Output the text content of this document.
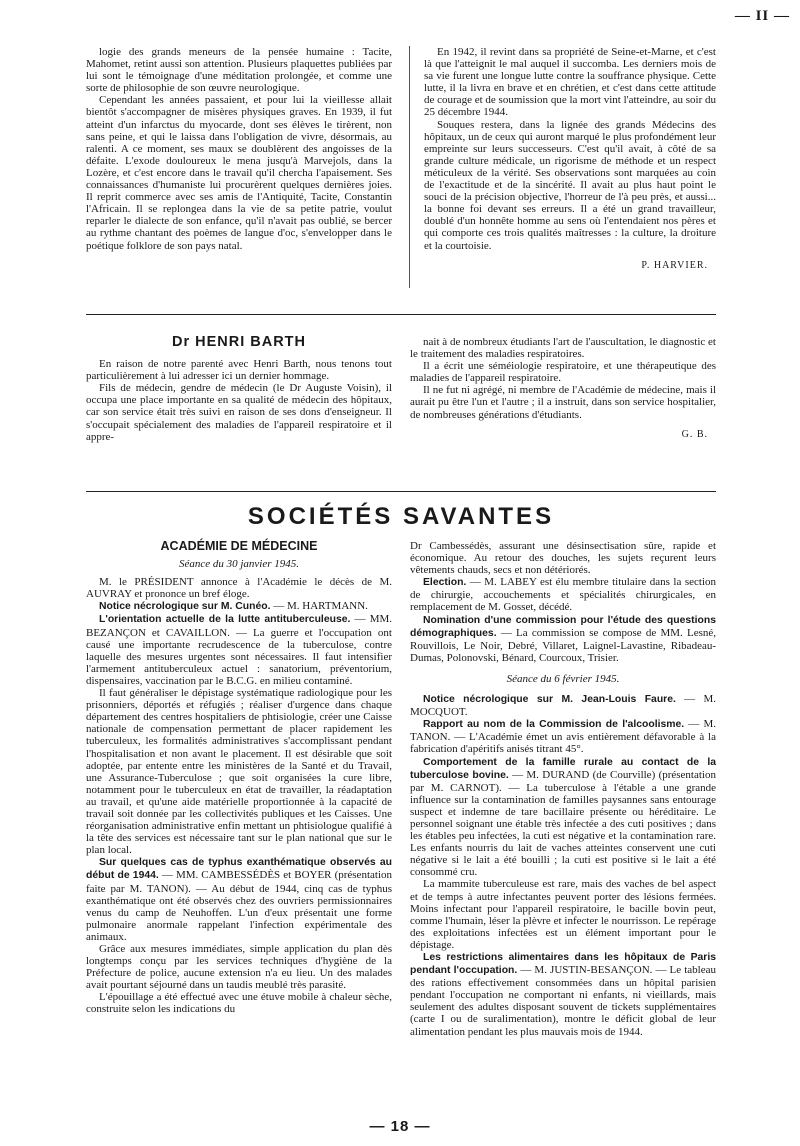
— II —

logie des grands meneurs de la pensée humaine : Tacite, Mahomet, retint aussi son attention. Plusieurs plaquettes publiées par lui sont le témoignage d'une méditation prolongée, et comme une sorte de philosophie de son œuvre neurologique.

Cependant les années passaient, et pour lui la vieillesse allait bientôt s'accompagner de misères physiques graves. En 1939, il fut atteint d'un infarctus du myocarde, dont ses élèves le tirèrent, non sans peine, et qui le laissa dans l'obligation de vivre, désormais, au ralenti. A ce moment, ses maux se doublèrent des angoisses de la défaite. L'exode douloureux le mena jusqu'à Marvejols, dans la Lozère, et c'est encore dans le travail qu'il chercha l'apaisement. Ses connaissances d'humaniste lui procurèrent quelques dernières joies. Il reprit commerce avec ses amis de l'Antiquité, Tacite, Constantin l'Africain. Il se replongea dans la vie de sa petite patrie, voulut reparler le dialecte de son enfance, qu'il n'avait pas oublié, se bercer au rythme chantant des poèmes de langue d'oc, s'envelopper dans le poétique folklore de son pays natal.

En 1942, il revint dans sa propriété de Seine-et-Marne, et c'est là que l'atteignit le mal auquel il succomba. Les derniers mois de sa vie furent une longue lutte contre la souffrance physique. Cette lutte, il la livra en brave et en chrétien, et c'est dans cette attitude de courage et de soumission que la mort vint l'atteindre, au soir du 25 décembre 1944.

Souques restera, dans la lignée des grands Médecins des hôpitaux, un de ceux qui auront marqué le plus profondément leur empreinte sur leurs successeurs. C'est qu'il avait, à côté de sa grande culture médicale, un rigorisme de méthode et un respect méticuleux de la vérité. Ses observations sont marquées au coin de l'exactitude et de la sincérité. Il avait au plus haut point le souci de la précision objective, l'horreur de l'à peu près, et aussi... la bonne foi devant ses erreurs. Il a été un grand travailleur, doublé d'un honnête homme au sens où l'entendaient nos pères et qui comporte ces trois qualités maîtresses : la culture, la droiture et la courtoisie.

P. HARVIER.
Dr HENRI BARTH

En raison de notre parenté avec Henri Barth, nous tenons tout particulièrement à lui adresser ici un dernier hommage.

Fils de médecin, gendre de médecin (le Dr Auguste Voisin), il occupa une place importante en sa qualité de médecin des hôpitaux, car son service était très suivi en raison de ses dons d'enseigneur. Il s'occupait spécialement des maladies de l'appareil respiratoire et il appre-

nait à de nombreux étudiants l'art de l'auscultation, le diagnostic et le traitement des maladies respiratoires.

Il a écrit une séméiologie respiratoire, et une thérapeutique des maladies de l'appareil respiratoire.

Il ne fut ni agrégé, ni membre de l'Académie de médecine, mais il aurait pu être l'un et l'autre ; il a instruit, dans son service hospitalier, de nombreuses générations d'étudiants.

G. B.
SOCIÉTÉS SAVANTES
ACADÉMIE DE MÉDECINE
Séance du 30 janvier 1945.

M. le PRÉSIDENT annonce à l'Académie le décès de M. AUVRAY et prononce un bref éloge.

Notice nécrologique sur M. Cunéo. — M. HARTMANN.

L'orientation actuelle de la lutte antituberculeuse. — MM. BEZANÇON et CAVAILLON. — La guerre et l'occupation ont causé une importante recrudescence de la tuberculose, contre laquelle des mesures urgentes sont nécessaires. Il faut intensifier l'armement antituberculeux actuel : sanatorium, préventorium, dispensaires, vaccination par le B.C.G. en milieu contaminé.

Il faut généraliser le dépistage systématique radiologique pour les prisonniers, déportés et réfugiés ; réaliser d'urgence dans chaque département des centres hospitaliers de phtisiologie, créer une Caisse nationale de compensation permettant de placer rapidement les tuberculeux, les formalités administratives s'accomplissant pendant l'hospitalisation et non avant le placement. Il est désirable que soit adoptée, par entente entre les ministères de la Santé et du Travail, une Assurance-Tuberculose ; que soit organisées la cure libre, notamment pour le tuberculeux en état de travailler, la réadaptation au travail, et qu'une aide matérielle proportionnée à la capacité de travail soit donnée par les collectivités publiques et les Caisses. Une réorganisation administrative enfin mettant un phtisiologue qualifié à la tête des services est nécessaire tant sur le plan national que sur le plan local.

Sur quelques cas de typhus exanthématique observés au début de 1944. — MM. CAMBESSÉDÈS et BOYER (présentation faite par M. TANON). — Au début de 1944, cinq cas de typhus exanthématique ont été observés chez des ouvriers permissionnaires venus du camp de Neuhoffen. L'un d'eux présentait une forme pulmonaire anormale rappelant l'infection expérimentale des animaux.

Grâce aux mesures immédiates, simple application du plan dès longtemps conçu par les services techniques d'hygiène de la Préfecture de police, aucune extension n'a eu lieu. Un des malades avait pourtant séjourné dans un taudis meublé très parasité.

L'épouillage a été effectué avec une étuve mobile à chaleur sèche, construite selon les indications du

Dr Cambessédès, assurant une désinsectisation sûre, rapide et économique. Au retour des douches, les sujets reçurent leurs vêtements chauds, secs et non détériorés.

Election. — M. LABEY est élu membre titulaire dans la section de chirurgie, accouchements et spécialités chirurgicales, en remplacement de M. Gosset, décédé.

Nomination d'une commission pour l'étude des questions démographiques. — La commission se compose de MM. Lesné, Rouvillois, Le Noir, Debré, Villaret, Laignel-Lavastine, Ribadeau-Dumas, Polonovski, Bénard, Courcoux, Trisier.

Séance du 6 février 1945.

Notice nécrologique sur M. Jean-Louis Faure. — M. MOCQUOT.

Rapport au nom de la Commission de l'alcoolisme. — M. TANON. — L'Académie émet un avis entièrement défavorable à la fabrication d'apéritifs anisés titrant 45°.

Comportement de la famille rurale au contact de la tuberculose bovine. — M. DURAND (de Courville) (présentation par M. CARNOT). — La tuberculose à l'étable a une grande influence sur la contamination de familles paysannes sans entourage suspect et indemne de tare bacillaire présente ou héréditaire. Le personnel soignant une étable très infectée a des cuti positives ; dans les étables peu infectées, la cuti est négative et la contamination rare. Les enfants nourris du lait de vaches atteintes conservent une cuti négative si le lait a été bouilli ; la cuti est positive si le lait a été consommé cru.

La mammite tuberculeuse est rare, mais des vaches de bel aspect et de temps à autre infectantes peuvent porter des lésions fermées. Moins infectant pour l'appareil respiratoire, le bacille bovin peut, comme l'humain, léser la plèvre et infecter le nourrisson. Le repérage des exploitations infectées est un élément important pour le dépistage.

Les restrictions alimentaires dans les hôpitaux de Paris pendant l'occupation. — M. JUSTIN-BESANÇON. — Le tableau des rations effectivement consommées dans un hôpital parisien pendant l'occupation ne comportant ni enfants, ni vieillards, mais seulement des adultes disposant souvent de tickets supplémentaires (carte I ou de suralimentation), montre le déficit global de leur alimentation pendant les plus mauvais mois de 1944.

— 18 —
